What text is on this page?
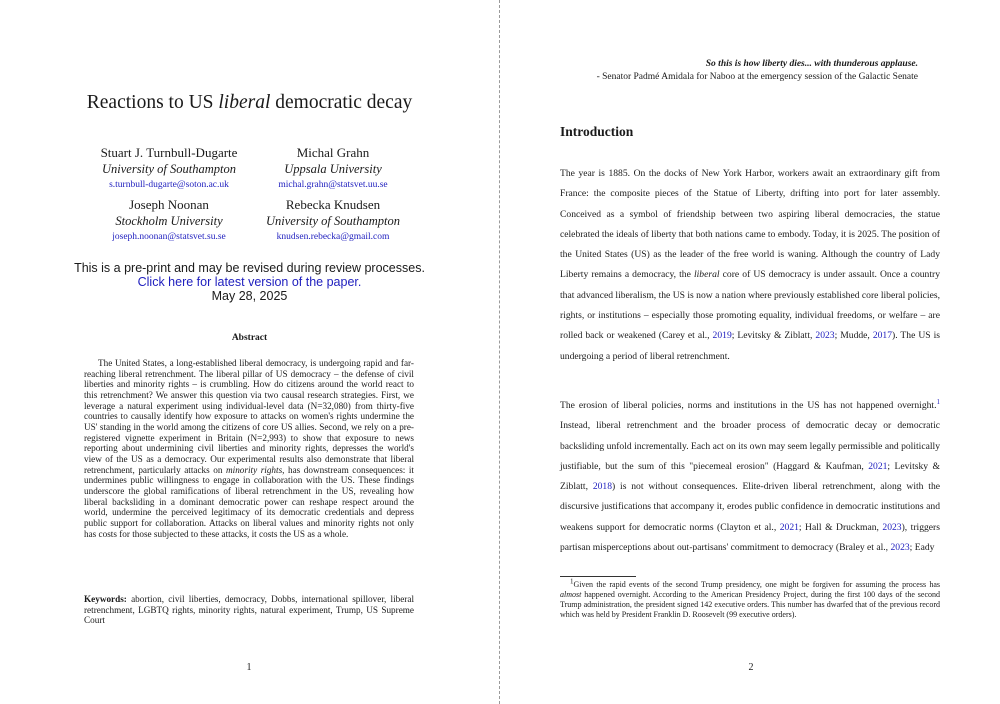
Reactions to US liberal democratic decay
Stuart J. Turnbull-Dugarte
University of Southampton
s.turnbull-dugarte@soton.ac.uk
Michal Grahn
Uppsala University
michal.grahn@statsvet.uu.se
Joseph Noonan
Stockholm University
joseph.noonan@statsvet.su.se
Rebecka Knudsen
University of Southampton
knudsen.rebecka@gmail.com
This is a pre-print and may be revised during review processes.
Click here for latest version of the paper.
May 28, 2025
Abstract
The United States, a long-established liberal democracy, is undergoing rapid and far-reaching liberal retrenchment. The liberal pillar of US democracy – the defense of civil liberties and minority rights – is crumbling. How do citizens around the world react to this retrenchment? We answer this question via two causal research strategies. First, we leverage a natural experiment using individual-level data (N=32,080) from thirty-five countries to causally identify how exposure to attacks on women's rights undermine the US' standing in the world among the citizens of core US allies. Second, we rely on a pre-registered vignette experiment in Britain (N=2,993) to show that exposure to news reporting about undermining civil liberties and minority rights, depresses the world's view of the US as a democracy. Our experimental results also demonstrate that liberal retrenchment, particularly attacks on minority rights, has downstream consequences: it undermines public willingness to engage in collaboration with the US. These findings underscore the global ramifications of liberal retrenchment in the US, revealing how liberal backsliding in a dominant democratic power can reshape respect around the world, undermine the perceived legitimacy of its democratic credentials and depress public support for collaboration. Attacks on liberal values and minority rights not only has costs for those subjected to these attacks, it costs the US as a whole.
Keywords: abortion, civil liberties, democracy, Dobbs, international spillover, liberal retrenchment, LGBTQ rights, minority rights, natural experiment, Trump, US Supreme Court
1
So this is how liberty dies... with thunderous applause.
- Senator Padmé Amidala for Naboo at the emergency session of the Galactic Senate
Introduction
The year is 1885. On the docks of New York Harbor, workers await an extraordinary gift from France: the composite pieces of the Statue of Liberty, drifting into port for later assembly. Conceived as a symbol of friendship between two aspiring liberal democracies, the statue celebrated the ideals of liberty that both nations came to embody. Today, it is 2025. The position of the United States (US) as the leader of the free world is waning. Although the country of Lady Liberty remains a democracy, the liberal core of US democracy is under assault. Once a country that advanced liberalism, the US is now a nation where previously established core liberal policies, rights, or institutions – especially those promoting equality, individual freedoms, or welfare – are rolled back or weakened (Carey et al., 2019; Levitsky & Ziblatt, 2023; Mudde, 2017). The US is undergoing a period of liberal retrenchment.
The erosion of liberal policies, norms and institutions in the US has not happened overnight.$^1$ Instead, liberal retrenchment and the broader process of democratic decay or democratic backsliding unfold incrementally. Each act on its own may seem legally permissible and politically justifiable, but the sum of this "piecemeal erosion" (Haggard & Kaufman, 2021; Levitsky & Ziblatt, 2018) is not without consequences. Elite-driven liberal retrenchment, along with the discursive justifications that accompany it, erodes public confidence in democratic institutions and weakens support for democratic norms (Clayton et al., 2021; Hall & Druckman, 2023), triggers partisan misperceptions about out-partisans' commitment to democracy (Braley et al., 2023; Eady
$^1$Given the rapid events of the second Trump presidency, one might be forgiven for assuming the process has almost happened overnight. According to the American Presidency Project, during the first 100 days of the second Trump administration, the president signed 142 executive orders. This number has dwarfed that of the previous record which was held by President Franklin D. Roosevelt (99 executive orders).
2
